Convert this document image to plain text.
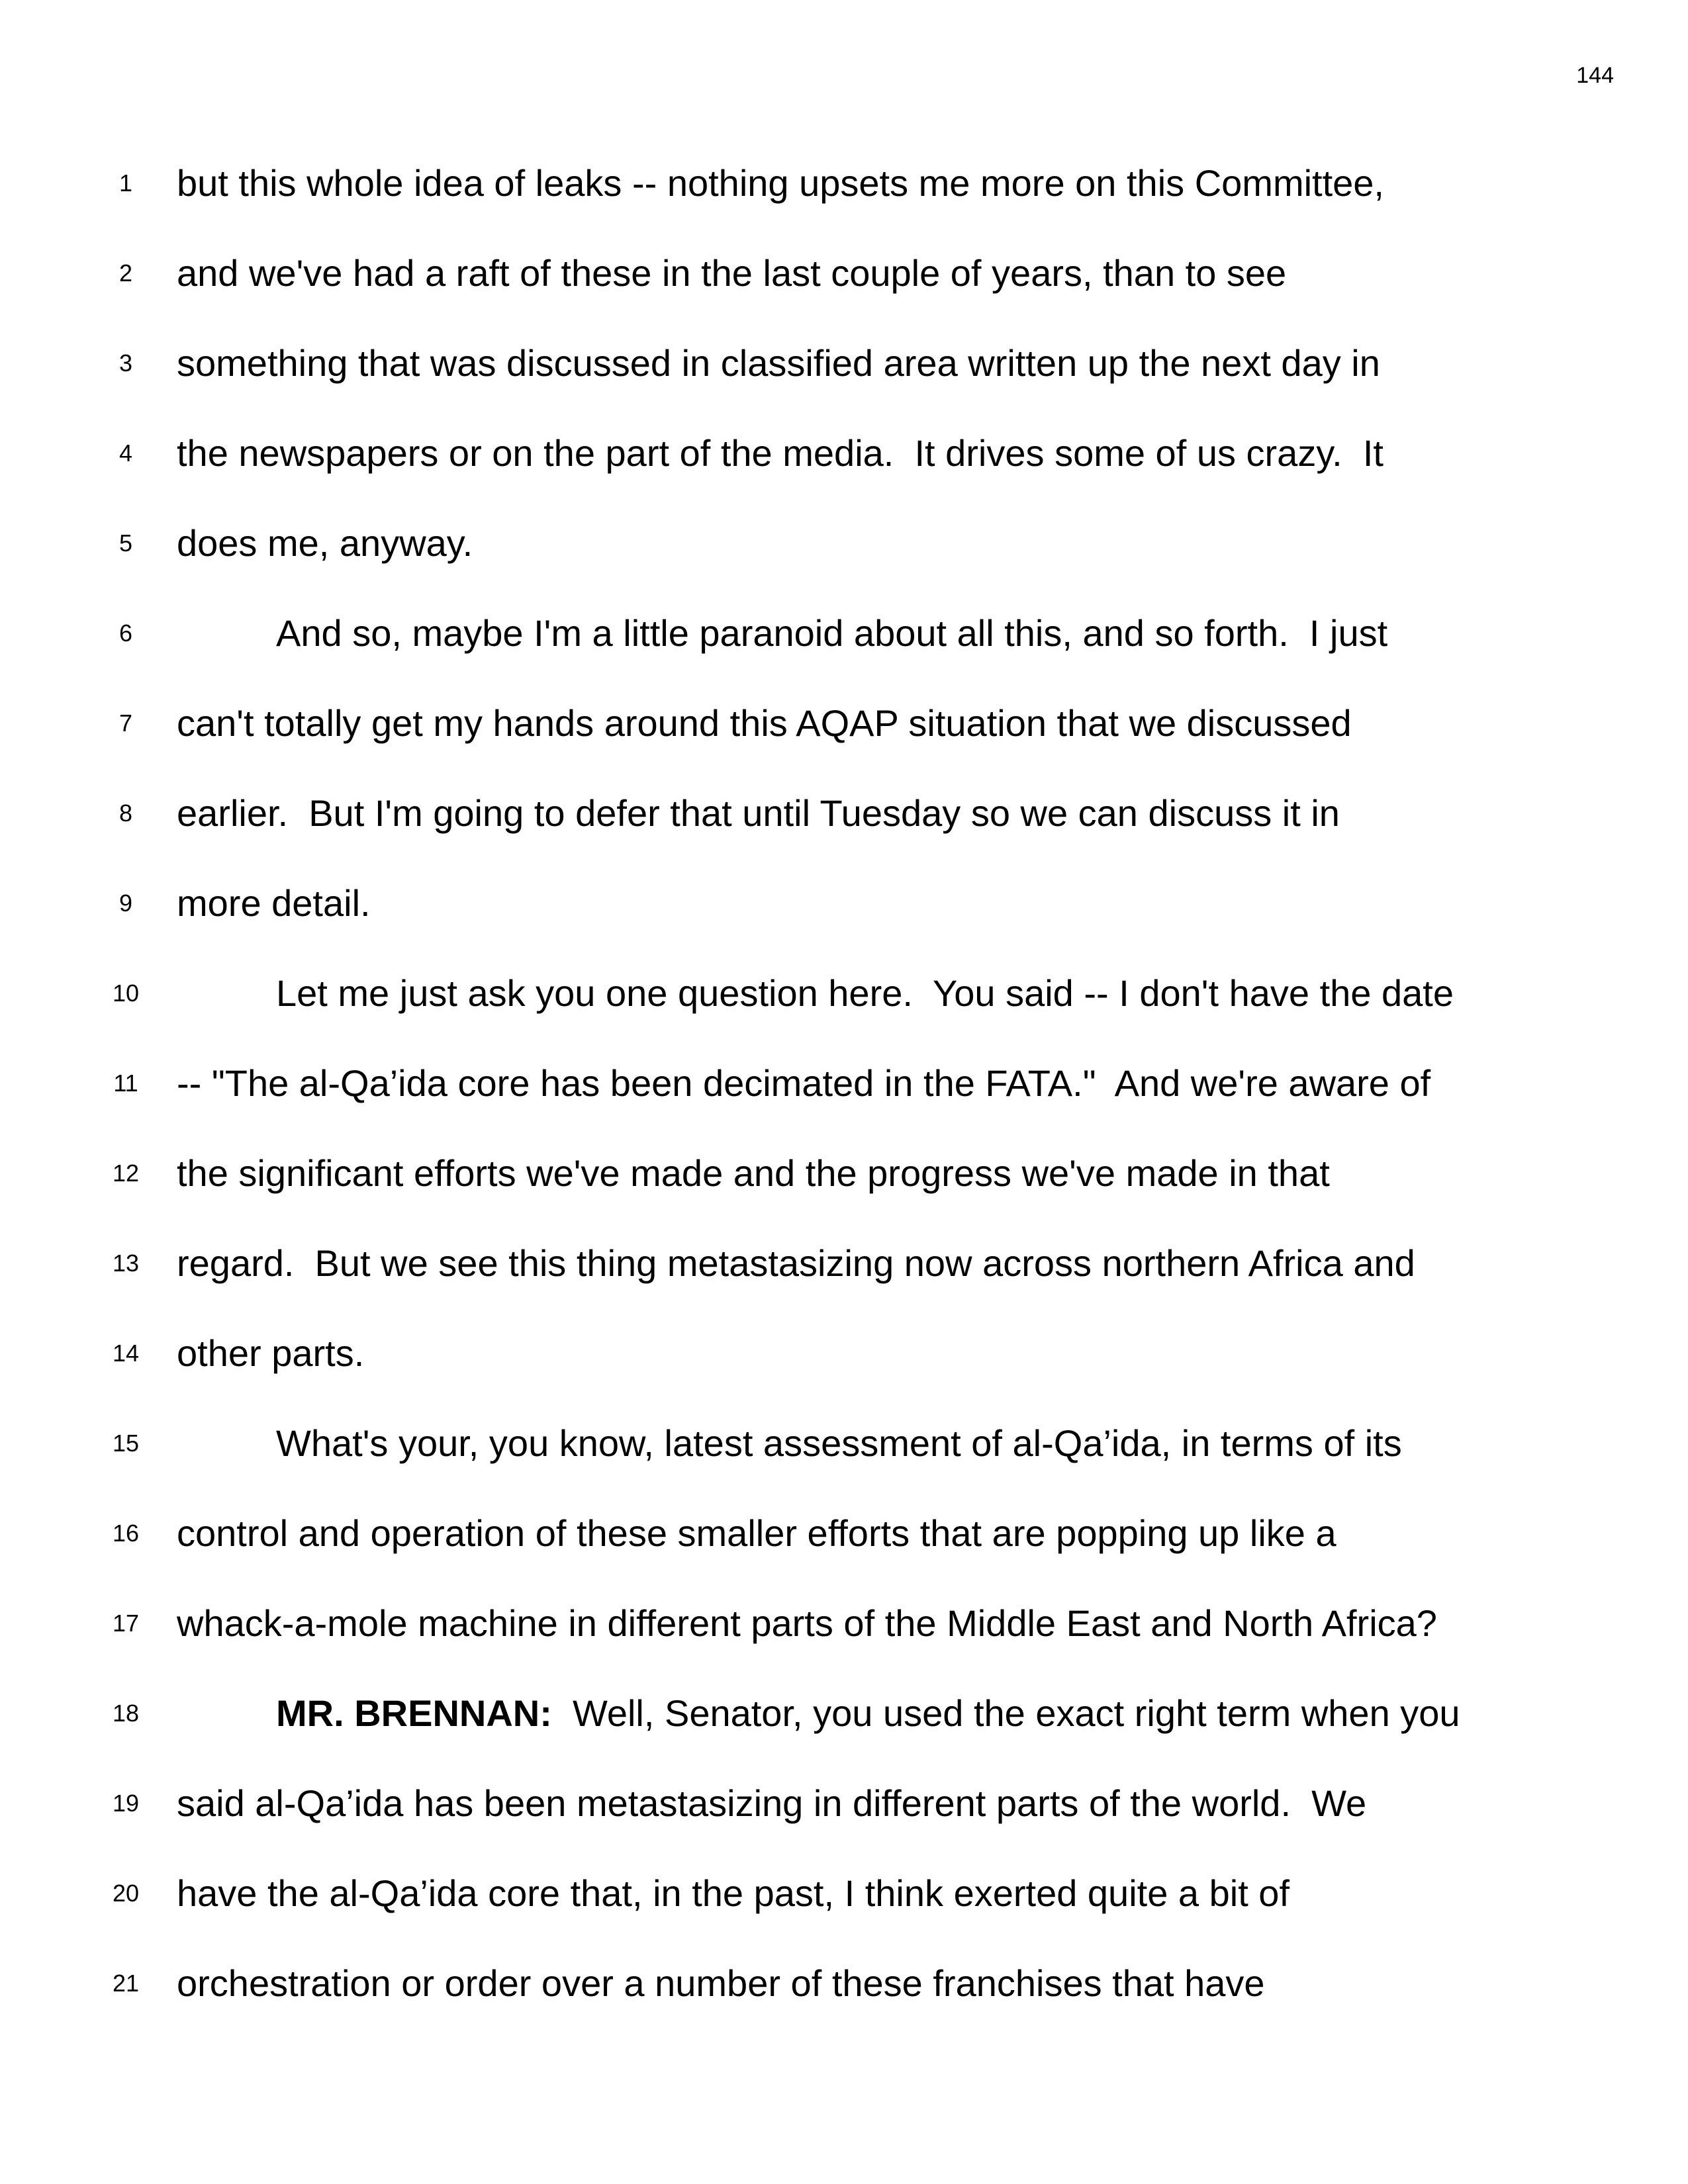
144
1	but this whole idea of leaks -- nothing upsets me more on this Committee,
2	and we've had a raft of these in the last couple of years, than to see
3	something that was discussed in classified area written up the next day in
4	the newspapers or on the part of the media.  It drives some of us crazy.  It
5	does me, anyway.
6	And so, maybe I'm a little paranoid about all this, and so forth.  I just
7	can't totally get my hands around this AQAP situation that we discussed
8	earlier.  But I'm going to defer that until Tuesday so we can discuss it in
9	more detail.
10	Let me just ask you one question here.  You said -- I don't have the date
11 -- "The al-Qa’ida core has been decimated in the FATA."  And we're aware of
12 the significant efforts we've made and the progress we've made in that
13 regard.  But we see this thing metastasizing now across northern Africa and
14 other parts.
15	What's your, you know, latest assessment of al-Qa’ida, in terms of its
16 control and operation of these smaller efforts that are popping up like a
17 whack-a-mole machine in different parts of the Middle East and North Africa?
18	MR. BRENNAN:  Well, Senator, you used the exact right term when you
19 said al-Qa’ida has been metastasizing in different parts of the world.  We
20 have the al-Qa’ida core that, in the past, I think exerted quite a bit of
21 orchestration or order over a number of these franchises that have
